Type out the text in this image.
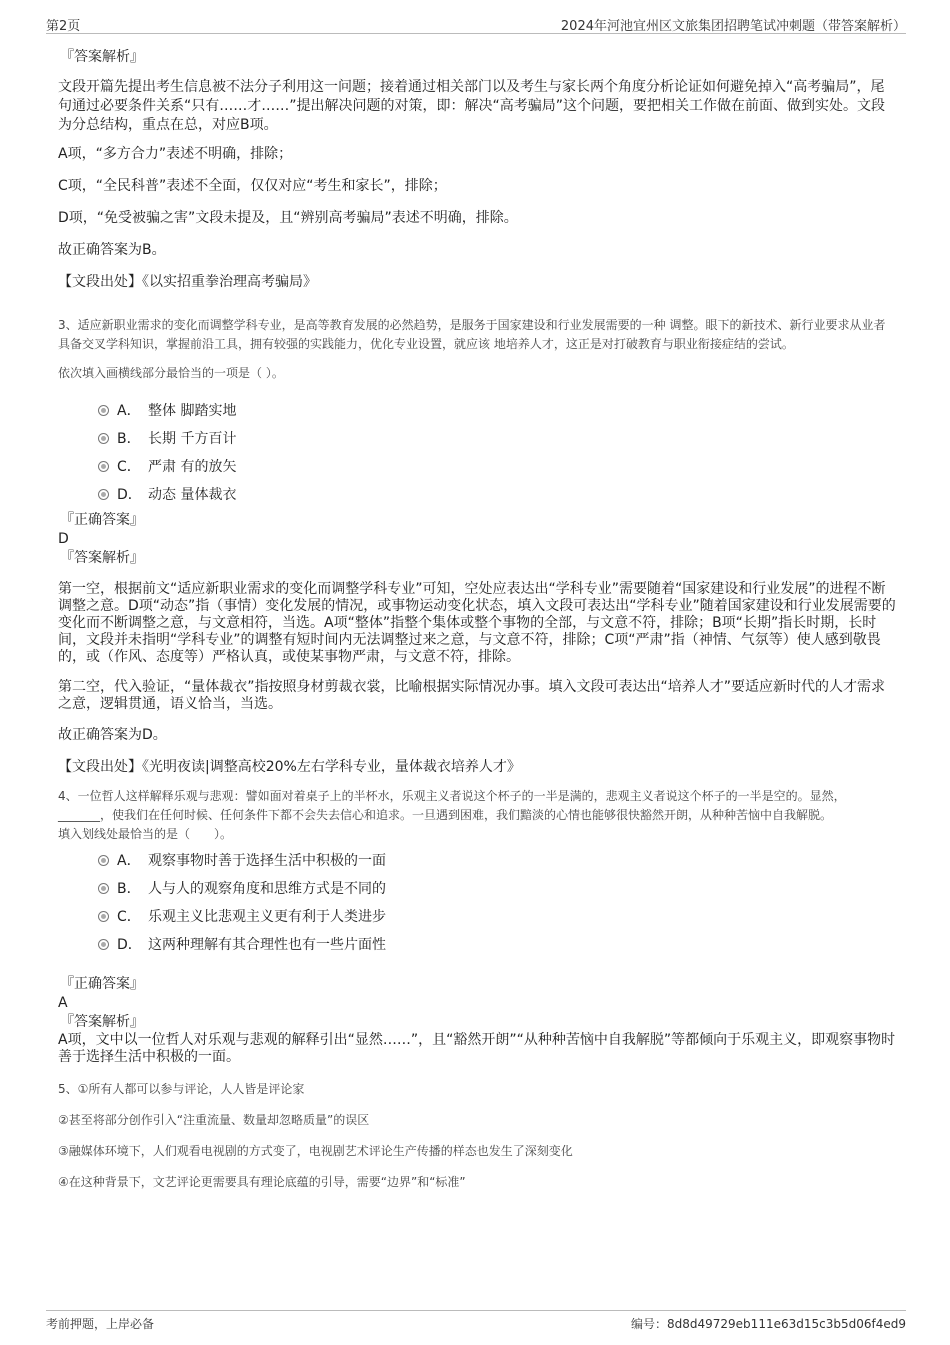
第2页	2024年河池宜州区文旅集团招聘笔试冲刺题（带答案解析）
『答案解析』
文段开篇先提出考生信息被不法分子利用这一问题；接着通过相关部门以及考生与家长两个角度分析论证如何避免掉入“高考骗局”，尾句通过必要条件关系“只有……才……”提出解决问题的对策，即：解决“高考骗局”这个问题，要把相关工作做在前面、做到实处。文段为分总结构，重点在总，对应B项。
A项，“多方合力”表述不明确，排除；
C项，“全民科普”表述不全面，仅仅对应“考生和家长”，排除；
D项，“免受被骗之害”文段未提及，且“辨别高考骗局”表述不明确，排除。
故正确答案为B。
【文段出处】《以实招重拳治理高考骗局》
3、适应新职业需求的变化而调整学科专业，是高等教育发展的必然趋势，是服务于国家建设和行业发展需要的一种 调整。眼下的新技术、新行业要求从业者具备交叉学科知识，掌握前沿工具，拥有较强的实践能力，优化专业设置，就应该 地培养人才，这正是对打破教育与职业衔接症结的尝试。
依次填入画横线部分最恰当的一项是（ ）。
A． 整体 脚踏实地
B． 长期 千方百计
C． 严肃 有的放矢
D． 动态 量体裁衣
『正确答案』
D
『答案解析』
第一空，根据前文“适应新职业需求的变化而调整学科专业”可知，空处应表达出“学科专业”需要随着“国家建设和行业发展”的进程不断调整之意。D项“动态”指（事情）变化发展的情况，或事物运动变化状态，填入文段可表达出“学科专业”随着国家建设和行业发展需要的变化而不断调整之意，与文意相符，当选。A项“整体”指整个集体或整个事物的全部，与文意不符，排除；B项“长期”指长时期，长时间，文段并未指明“学科专业”的调整有短时间内无法调整过来之意，与文意不符，排除；C项“严肃”指（神情、气氛等）使人感到敬畏的，或（作风、态度等）严格认真，或使某事物严肃，与文意不符，排除。
第二空，代入验证，“量体裁衣”指按照身材剪裁衣裳，比喻根据实际情况办事。填入文段可表达出“培养人才”要适应新时代的人才需求之意，逻辑贯通，语义恰当，当选。
故正确答案为D。
【文段出处】《光明夜读|调整高校20%左右学科专业，量体裁衣培养人才》
4、一位哲人这样解释乐观与悲观：譬如面对着桌子上的半杯水，乐观主义者说这个杯子的一半是满的，悲观主义者说这个杯子的一半是空的。显然，_______，使我们在任何时候、任何条件下都不会失去信心和追求。一旦遇到困难，我们黯淡的心情也能够很快豁然开朗，从种种苦恼中自我解脱。
填入划线处最恰当的是（　　）。
A． 观察事物时善于选择生活中积极的一面
B． 人与人的观察角度和思维方式是不同的
C． 乐观主义比悲观主义更有利于人类进步
D． 这两种理解有其合理性也有一些片面性
『正确答案』
A
『答案解析』
A项，文中以一位哲人对乐观与悲观的解释引出“显然……”，且“豁然开朗”“从种种苦恼中自我解脱”等都倾向于乐观主义，即观察事物时善于选择生活中积极的一面。
5、①所有人都可以参与评论，人人皆是评论家
②甚至将部分创作引入“注重流量、数量却忽略质量”的误区
③融媒体环境下，人们观看电视剧的方式变了，电视剧艺术评论生产传播的样态也发生了深刻变化
④在这种背景下，文艺评论更需要具有理论底蕴的引导，需要“边界”和“标准”
考前押题，上岸必备	编号：8d8d49729eb111e63d15c3b5d06f4ed9
